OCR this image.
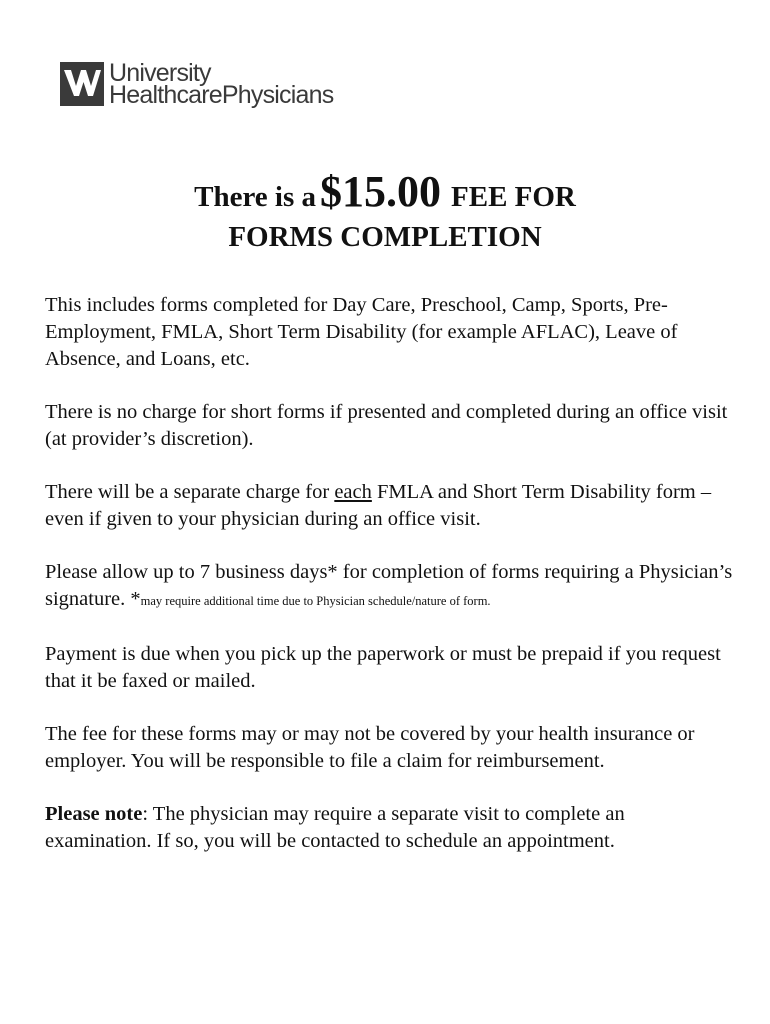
University
HealthcarePhysicians
There is a$15.00 FEE FOR
FORMS COMPLETION

This includes forms completed for Day Care, Preschool, Camp, Sports, Pre-Employment, FMLA, Short Term Disability (for example AFLAC), Leave of Absence, and Loans, etc.

There is no charge for short forms if presented and completed during an office visit (at provider’s discretion).

There will be a separate charge for each FMLA and Short Term Disability form – even if given to your physician during an office visit.

Please allow up to 7 business days* for completion of forms requiring a Physician’s signature. *may require additional time due to Physician schedule/nature of form.

Payment is due when you pick up the paperwork or must be prepaid if you request that it be faxed or mailed.

The fee for these forms may or may not be covered by your health insurance or employer. You will be responsible to file a claim for reimbursement.

Please note: The physician may require a separate visit to complete an examination. If so, you will be contacted to schedule an appointment.
